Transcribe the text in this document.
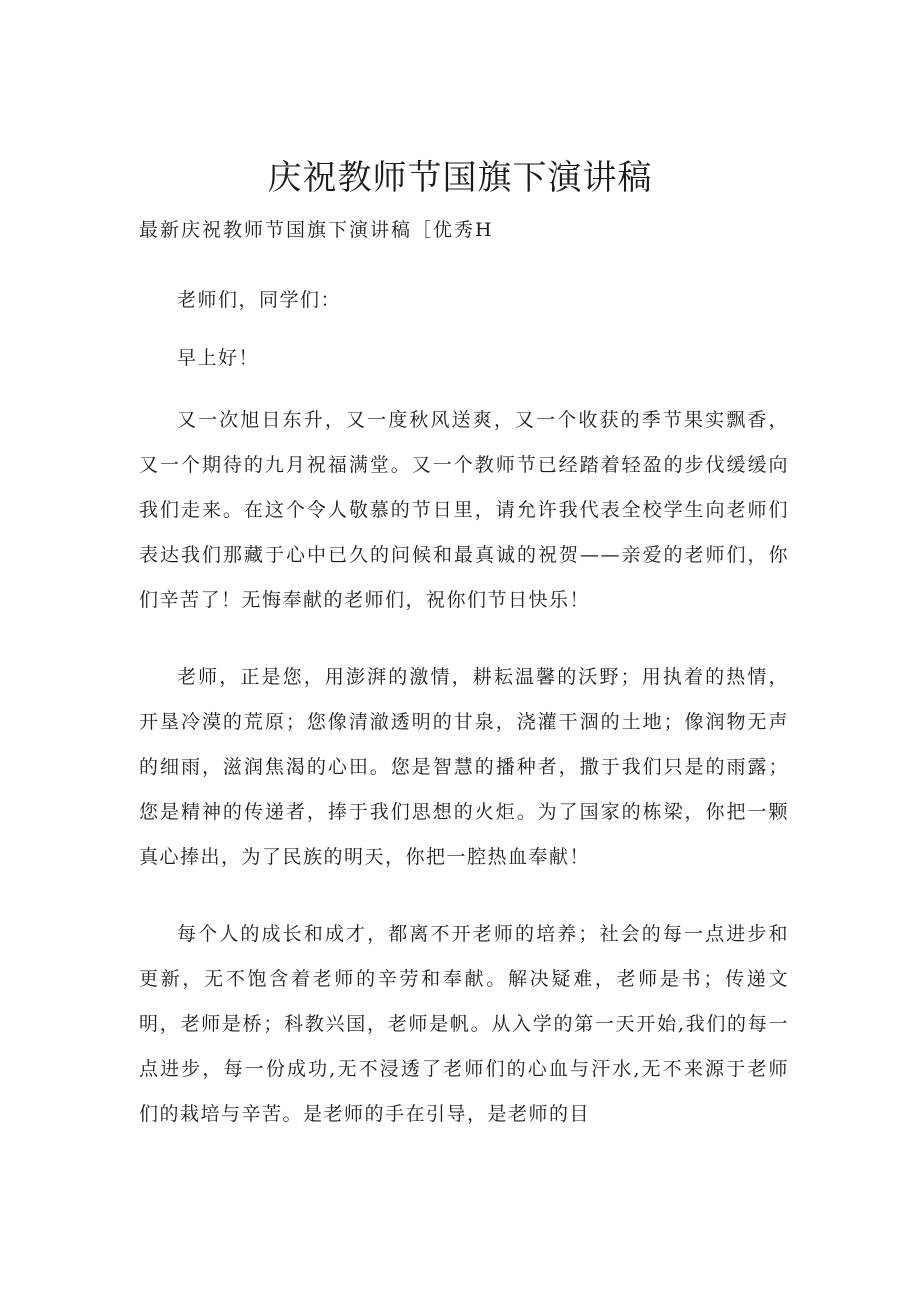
庆祝教师节国旗下演讲稿

最新庆祝教师节国旗下演讲稿［优秀H

老师们，同学们：

早上好！

又一次旭日东升，又一度秋风送爽，又一个收获的季节果实飘香，又一个期待的九月祝福满堂。又一个教师节已经踏着轻盈的步伐缓缓向我们走来。在这个令人敬慕的节日里，请允许我代表全校学生向老师们表达我们那藏于心中已久的问候和最真诚的祝贺——亲爱的老师们，你们辛苦了！无悔奉献的老师们，祝你们节日快乐！

老师，正是您，用澎湃的激情，耕耘温馨的沃野；用执着的热情，开垦冷漠的荒原；您像清澈透明的甘泉，浇灌干涸的土地；像润物无声的细雨，滋润焦渴的心田。您是智慧的播种者，撒于我们只是的雨露；您是精神的传递者，捧于我们思想的火炬。为了国家的栋梁，你把一颗真心捧出，为了民族的明天，你把一腔热血奉献！

每个人的成长和成才，都离不开老师的培养；社会的每一点进步和更新，无不饱含着老师的辛劳和奉献。解决疑难，老师是书；传递文明，老师是桥；科教兴国，老师是帆。从入学的第一天开始,我们的每一点进步，每一份成功,无不浸透了老师们的心血与汗水,无不来源于老师们的栽培与辛苦。是老师的手在引导，是老师的目
